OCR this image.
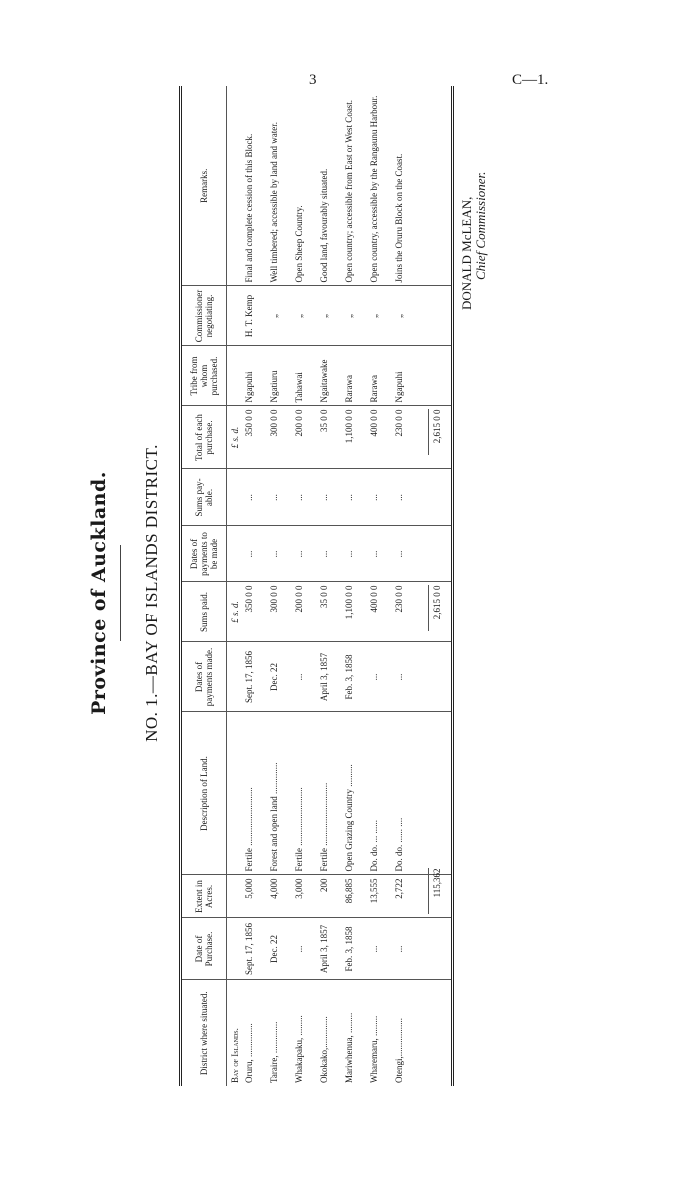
3	C—1.
Province of Auckland. NO. 1.—BAY OF ISLANDS DISTRICT.
District where situated.	Date of Purchase.	Extent in Acres.	Description of Land.	Dates of payments made.	Sums paid.	Dates of payments to be made	Sums pay-able.	Total of each purchase.	Tribe from whom purchased.	Commissioner negotiating.	Remarks.
Bay of Islands.					£ s. d.			£ s. d.			
Oruru, ...............	Sept. 17, 1856	5,000	Fertile ..........................	Sept. 17, 1856	350 0 0	...	...	350 0 0	Ngapuhi	H. T. Kemp	Final and complete cession of this Block.
Taraire, ..............	Dec. 22	4,000	Forest and open land ..............	Dec. 22	300 0 0	...	...	300 0 0	Ngatiuru	„	Well timbered; accessible by land and water.
Whakapaku, .........	...	3,000	Fertile ..........................	...	200 0 0	...	...	200 0 0	Tahawai	„	Open Sheep Country.
Okokako,..............	April 3, 1857	200	Fertile ............................	April 3, 1857	35 0 0	...	...	35 0 0	Ngaitawake	„	Good land, favourably situated.
Mariwhenua, .........	Feb. 3, 1858	86,885	Open Grazing Country ..........	Feb. 3, 1858	1,100 0 0	...	...	1,100 0 0	Rarawa	„	Open country; accessible from East or West Coast.
Wharemaru, .........	...	13,555	Do. do. ... ......	...	400 0 0	...	...	400 0 0	Rarawa	„	Open country, accessible by the Rangaunu Harbour.
Otengi,.................	...	2,722	Do. do. ...... ....	...	230 0 0	...	...	230 0 0	Ngapuhi	„	Joins the Oruru Block on the Coast.
		115,362			2,615 0 0			2,615 0 0			
DONALD McLEAN, Chief Commissioner.
